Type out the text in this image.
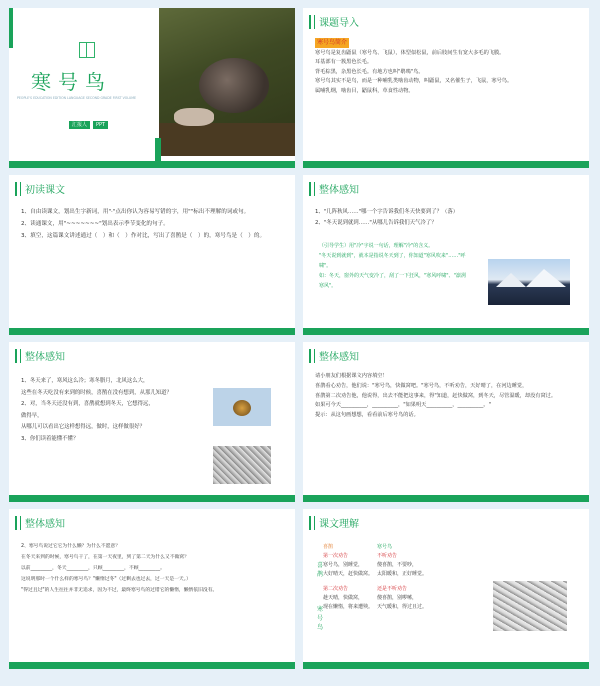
寒号鸟
PEOPLE'S EDUCATION EDITION LANGUAGE SECOND GRADE FIRST VOLUME
汇报人 PPT
课题导入
寒号鸟简介
寒号鸟是复齿鼯鼠（寒号鸟、飞鼠），体型似松鼠，前后肢间生有宽大多毛的飞膜。
耳基部有一簇黑色长毛。
背毛棕黑，杂黑色长毛。有地方也叫"鹖鴠"鸟。
寒号鸟其实不是鸟，而是一种哺乳类啮齿动物，叫鼯鼠，又名催生子，飞鼠，寒号鸟。
属哺乳纲，啮齿目，鼯鼠科，草食性动物。
初读课文
1、自由读课文，划出生字新词，用"·"点出你认为容易写错的字，用""标出不理解的词或句。
2、读通课文，用"~~~~~~~"划出表示季节变化的句子。
3、填空，这篇课文讲述通过（　）和（　）作对比，写出了喜鹊是（　）的，寒号鸟是（　）的。
整体感知
1、"几阵秋风……"哪一个字告诉我们冬天快要到了？（落）
2、"冬天说到就到……"从哪儿告诉我们天气冷了？
（引导学生）用"冷"字说一句话，理解"冷"的含义。
"冬天说到就到"，就本是指说冬天到了，你知道"寒风吹来"……"呼啸"。
如：冬天，窗外的天气变冷了，刮了一下狂风，"寒风呼啸"、"凛冽寒风"。
整体感知
1、冬天来了，寒风这么冷；寒冬腊月，北风这么大，
这些在冬天吃没有来到的时候，喜鹊在没有想到，从那儿知道？
2、对，当冬天还没有到，喜鹊就想到冬天，它想得远，
做得早，
从哪儿可以看出它这样想得远，做时，这样做很好？
3、你们读着能懂不懂？
整体感知
请小朋友们根据课文内容填空！
喜鹊看心劝告，他们说："寒号鸟，快做窝吧。"寒号鸟，不听劝告，天好晴了，在河边睡觉，
喜鹊第二次劝告他，他说得，出去不能把这事来，得"知道，赶快做窝，到冬天，尽管温暖，却没有窝过。
如果可今天__________，__________，"如果明天__________，__________。"
提示：从这句画想想，看看前后寒号鸟的话。
整体感知
2、寒号鸟说过它它为什么懒？为什么不愿意？
在冬天来到的时候，寒号鸟干了，在第一天夜里，到了第二天为什么又不做窝？
以前_________，冬天_________，只顾_________，不顾_________。
这说明那时一个什么样的寒号鸟？"懒惰过冬"（过剩去也过去，过一天是一天。）
"得过且过"的人生往往并非无追求，因为不过，最终寒号鸟的过错它的懒惰，懒惰依旧没有。
课文理解
喜鹊
寒号鸟
喜鹊
第一次劝告
寒号鸟，别睡觉，
大好晴天，赶快做窝。
第二次劝告
趁天晴，快做窝，
现在懒惰，将来遭殃。
寒号鸟
不听劝告
傻喜鹊，不要吵，
太阳暖和，正好睡觉。
还是不听劝告
傻喜鹊，别啰嗦，
天气暖和，得过且过。
